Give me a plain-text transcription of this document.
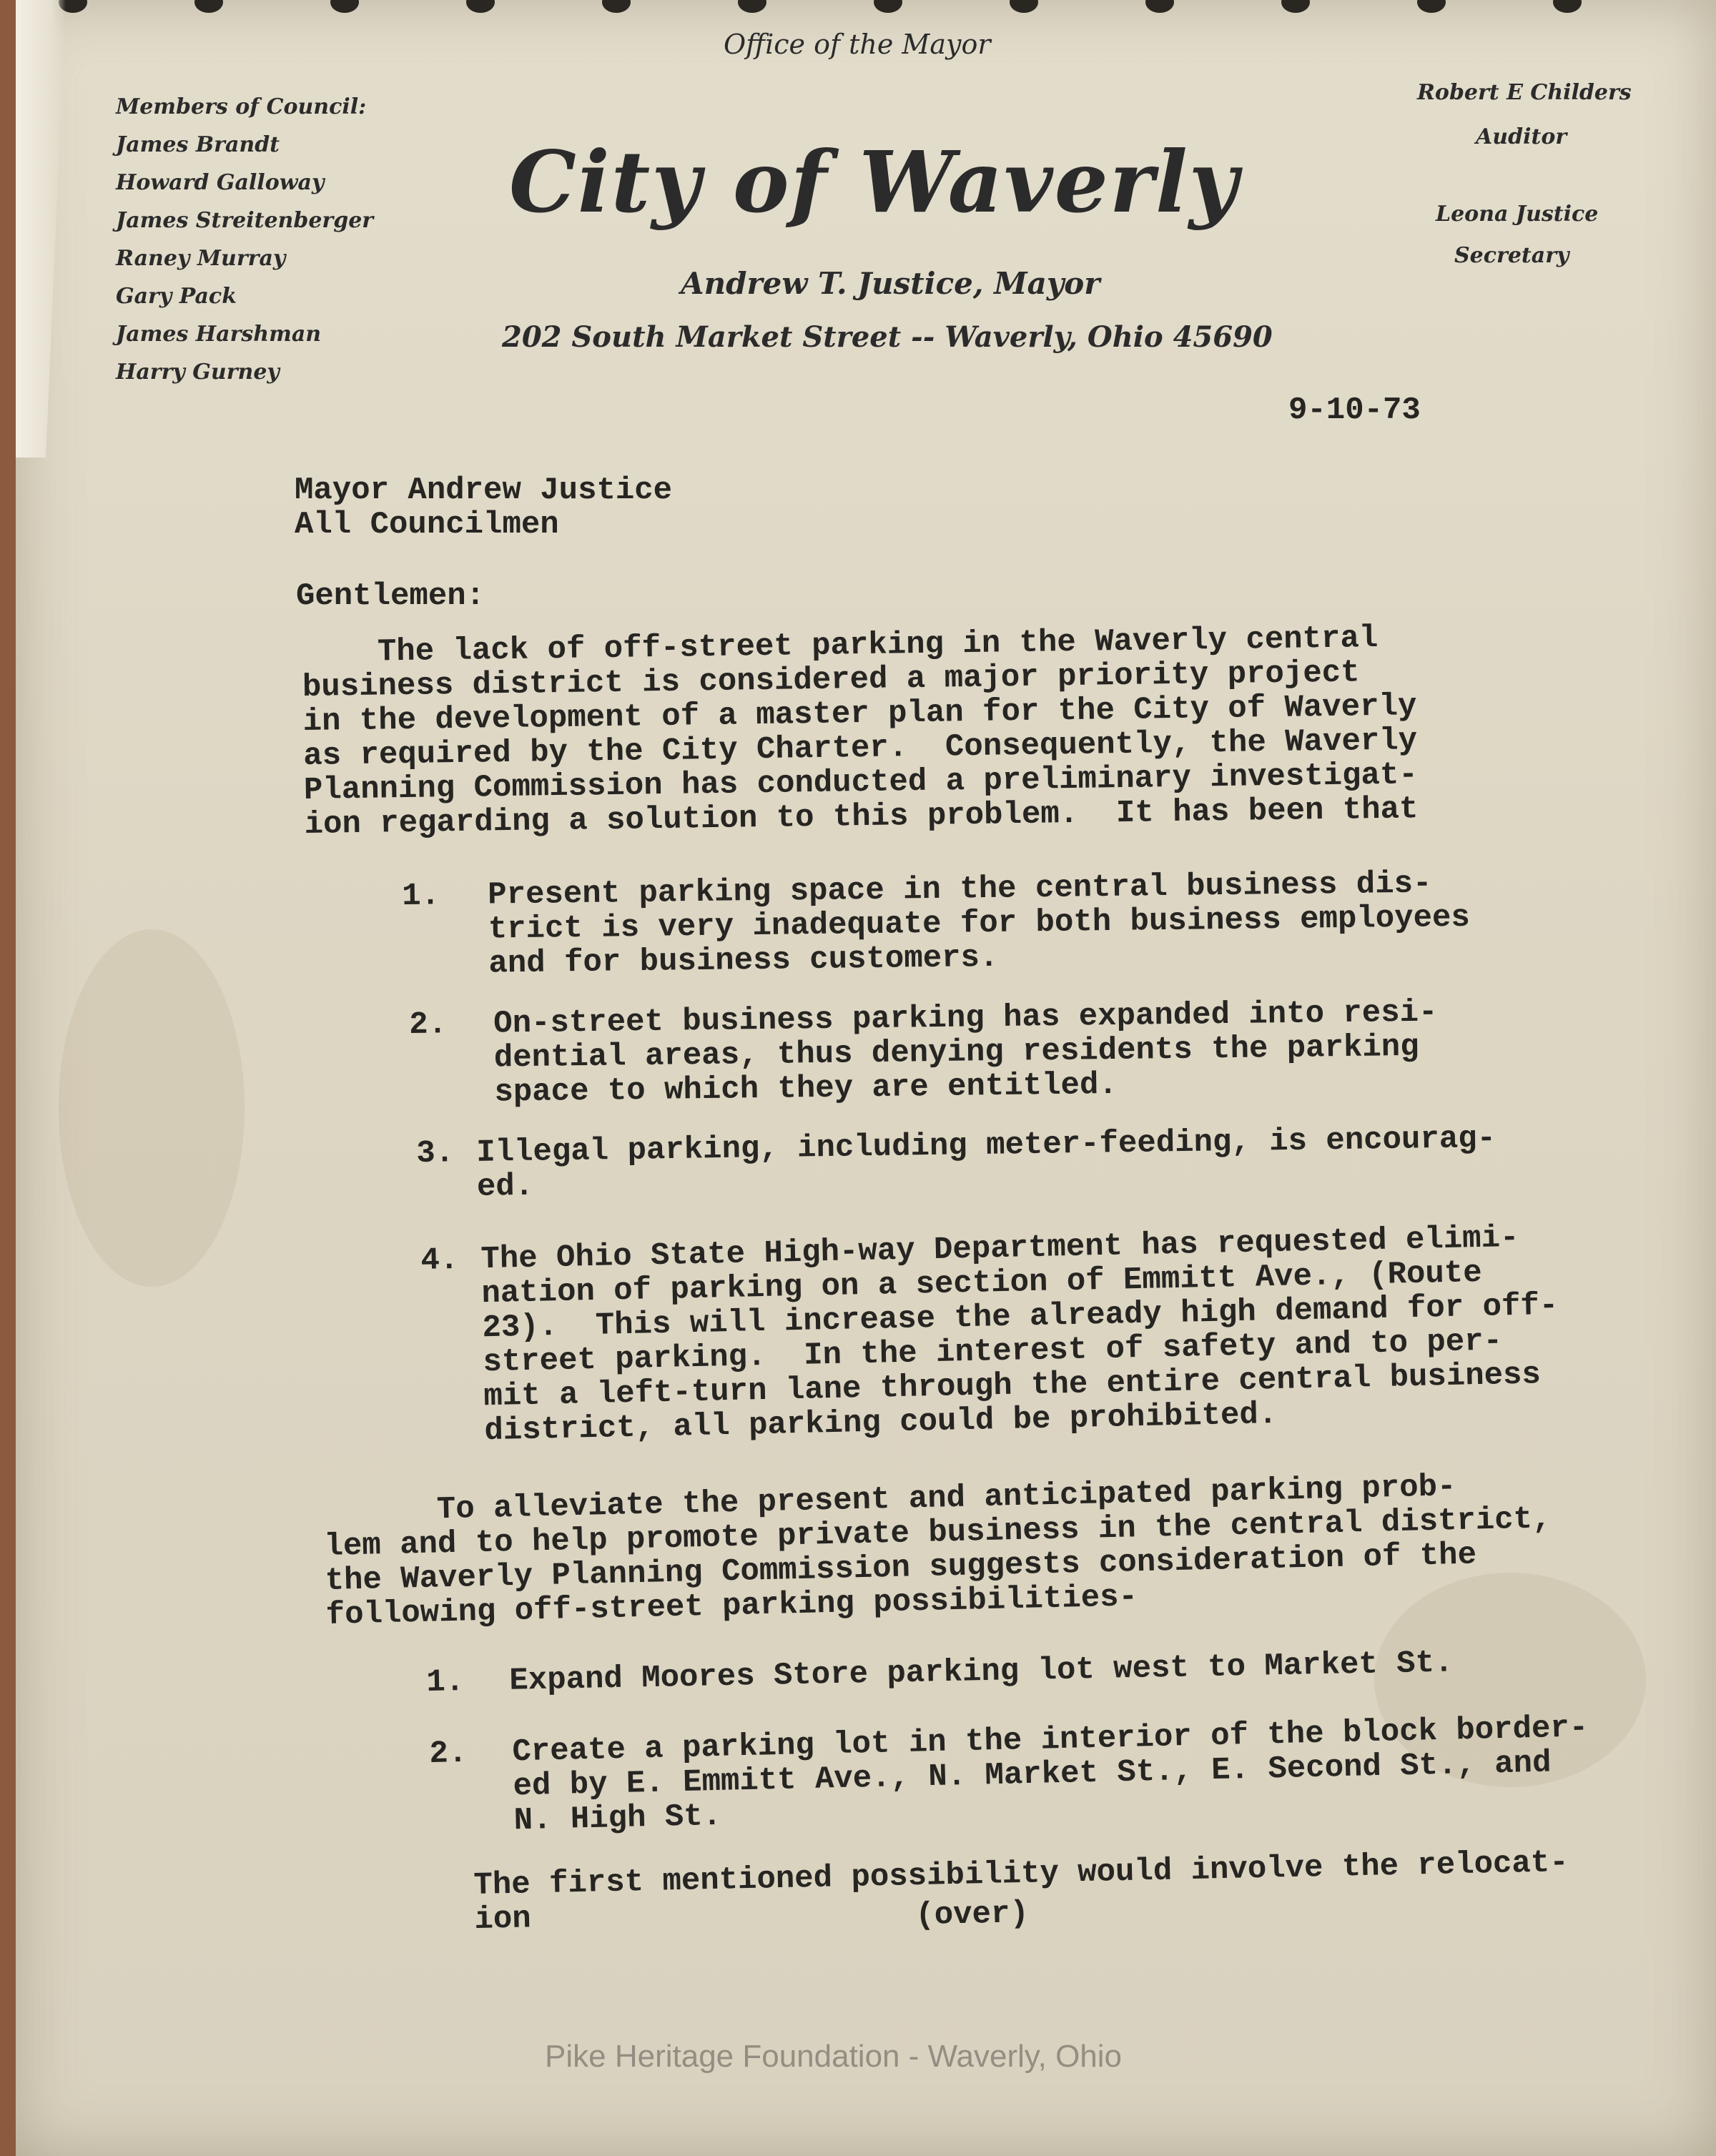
Office of the Mayor
City of Waverly
Andrew T. Justice, Mayor
202 South Market Street -- Waverly, Ohio 45690
Members of Council:
James Brandt
Howard Galloway
James Streitenberger
Raney Murray
Gary Pack
James Harshman
Harry Gurney
Robert E Childers
Auditor
Leona Justice
Secretary
9-10-73
Mayor Andrew Justice
All Councilmen
Gentlemen:
The lack of off-street parking in the Waverly central
business district is considered a major priority project
in the development of a master plan for the City of Waverly
as required by the City Charter.  Consequently, the Waverly
Planning Commission has conducted a preliminary investigat-
ion regarding a solution to this problem.  It has been that
1. Present parking space in the central business dis-
trict is very inadequate for both business employees
and for business customers.
2. On-street business parking has expanded into resi-
dential areas, thus denying residents the parking
space to which they are entitled.
3. Illegal parking, including meter-feeding, is encourag-
ed.
4. The Ohio State High-way Department has requested elimi-
nation of parking on a section of Emmitt Ave., (Route
23).  This will increase the already high demand for off-
street parking.  In the interest of safety and to per-
mit a left-turn lane through the entire central business
district, all parking could be prohibited.
To alleviate the present and anticipated parking prob-
lem and to help promote private business in the central district,
the Waverly Planning Commission suggests consideration of the
following off-street parking possibilities-
1. Expand Moores Store parking lot west to Market St.
2. Create a parking lot in the interior of the block border-
ed by E. Emmitt Ave., N. Market St., E. Second St., and
N. High St.
The first mentioned possibility would involve the relocat-
ion	(over)
Pike Heritage Foundation - Waverly, Ohio
